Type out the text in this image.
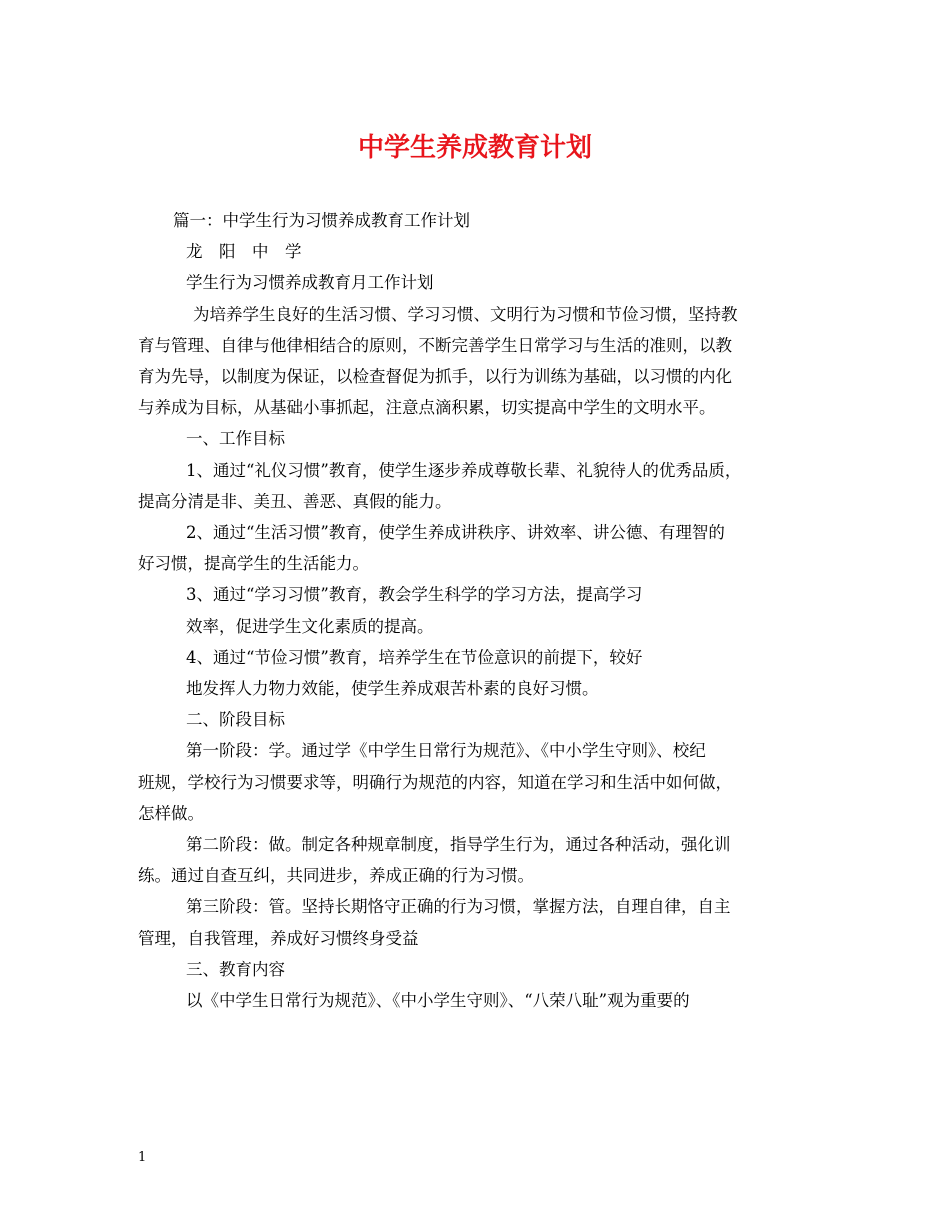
中学生养成教育计划

篇一：中学生行为习惯养成教育工作计划

龙　阳　中　学

学生行为习惯养成教育月工作计划

为培养学生良好的生活习惯、学习习惯、文明行为习惯和节俭习惯，坚持教

育与管理、自律与他律相结合的原则，不断完善学生日常学习与生活的准则，以教

育为先导，以制度为保证，以检查督促为抓手，以行为训练为基础，以习惯的内化

与养成为目标，从基础小事抓起，注意点滴积累，切实提高中学生的文明水平。

一、工作目标

1、通过“礼仪习惯”教育，使学生逐步养成尊敬长辈、礼貌待人的优秀品质，

提高分清是非、美丑、善恶、真假的能力。

2、通过“生活习惯”教育，使学生养成讲秩序、讲效率、讲公德、有理智的

好习惯，提高学生的生活能力。

3、通过“学习习惯”教育，教会学生科学的学习方法，提高学习

效率，促进学生文化素质的提高。

4、通过“节俭习惯”教育，培养学生在节俭意识的前提下，较好

地发挥人力物力效能，使学生养成艰苦朴素的良好习惯。

二、阶段目标

第一阶段：学。通过学《中学生日常行为规范》、《中小学生守则》、校纪

班规，学校行为习惯要求等，明确行为规范的内容，知道在学习和生活中如何做，

怎样做。

第二阶段：做。制定各种规章制度，指导学生行为，通过各种活动，强化训

练。通过自查互纠，共同进步，养成正确的行为习惯。

第三阶段：管。坚持长期恪守正确的行为习惯，掌握方法，自理自律，自主

管理，自我管理，养成好习惯终身受益

三、教育内容

以《中学生日常行为规范》、《中小学生守则》、“八荣八耻”观为重要的

1
